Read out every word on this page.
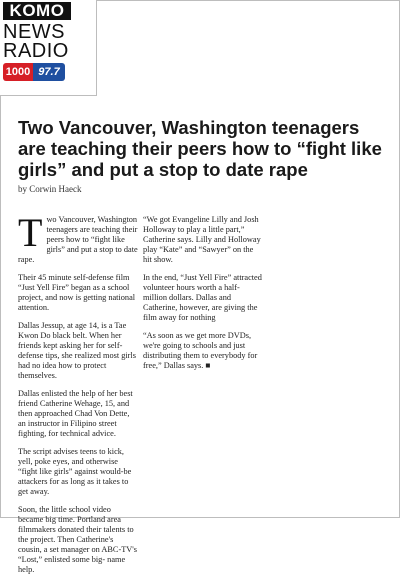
KOMO
NEWS
RADIO
1000 97.7
Two Vancouver, Washington teenagers are teaching their peers how to “fight like girls” and put a stop to date rape

by Corwin Haeck

Two Vancouver, Washington teenagers are teaching their peers how to “fight like girls” and put a stop to date rape.

Their 45 minute self-defense film “Just Yell Fire” began as a school project, and now is getting national attention.

Dallas Jessup, at age 14, is a Tae Kwon Do black belt. When her friends kept asking her for self-defense tips, she realized most girls had no idea how to protect themselves.

Dallas enlisted the help of her best friend Catherine Wehage, 15, and then approached Chad Von Dette, an instructor in Filipino street fighting, for technical advice.

The script advises teens to kick, yell, poke eyes, and otherwise “fight like girls” against would-be attackers for as long as it takes to get away.

Soon, the little school video became big time. Portland area filmmakers donated their talents to the project. Then Catherine's cousin, a set manager on ABC-TV's “Lost,” enlisted some big- name help.

“We got Evangeline Lilly and Josh Holloway to play a little part,” Catherine says. Lilly and Holloway play “Kate” and “Sawyer” on the hit show.

In the end, “Just Yell Fire” attracted volunteer hours worth a half-million dollars. Dallas and Catherine, however, are giving the film away for nothing

“As soon as we get more DVDs, we're going to schools and just distributing them to everybody for free,” Dallas says. ■
